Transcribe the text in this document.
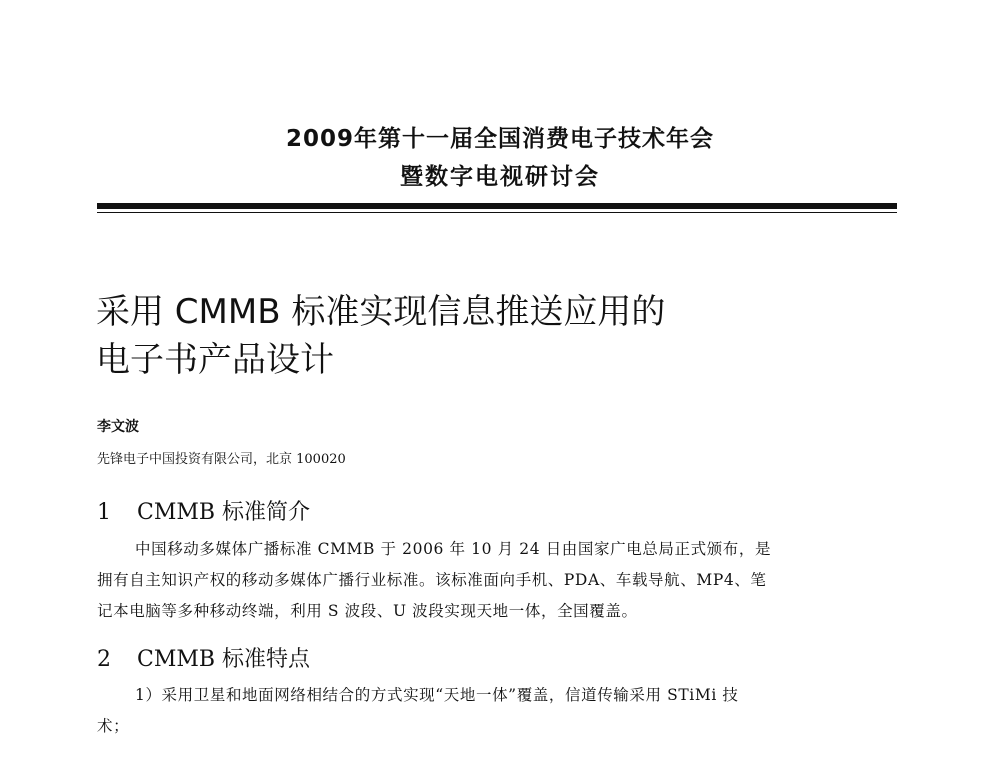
2009年第十一届全国消费电子技术年会
暨数字电视研讨会
采用 CMMB 标准实现信息推送应用的
电子书产品设计
李文波
先锋电子中国投资有限公司，北京 100020
1 CMMB 标准简介
中国移动多媒体广播标准 CMMB 于 2006 年 10 月 24 日由国家广电总局正式颁布，是
拥有自主知识产权的移动多媒体广播行业标准。该标准面向手机、PDA、车载导航、MP4、笔
记本电脑等多种移动终端，利用 S 波段、U 波段实现天地一体，全国覆盖。
2 CMMB 标准特点
1）采用卫星和地面网络相结合的方式实现“天地一体”覆盖，信道传输采用 STiMi 技
术；
